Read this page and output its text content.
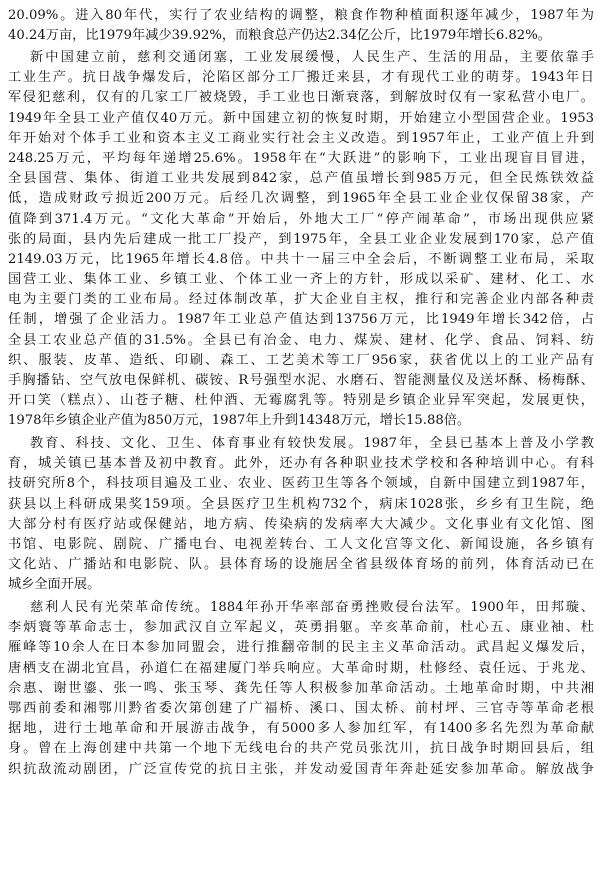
20.09%。进入80年代，实行了农业结构的调整，粮食作物种植面积逐年减少，1987年为
40.24万亩，比1979年减少39.92%，而粮食总产仍达2.34亿公斤，比1979年增长6.82%。
新中国建立前，慈利交通闭塞，工业发展缓慢，人民生产、生活的用品，主要依靠手
工业生产。抗日战争爆发后，沦陷区部分工厂搬迁来县，才有现代工业的萌芽。1943年日
军侵犯慈利，仅有的几家工厂被烧毁，手工业也日渐衰落，到解放时仅有一家私营小电厂。
1949年全县工业产值仅40万元。新中国建立初的恢复时期，开始建立小型国营企业。1953
年开始对个体手工业和资本主义工商业实行社会主义改造。到1957年止，工业产值上升到
248.25万元，平均每年递增25.6%。1958年在“大跃进”的影响下，工业出现盲目冒进，
全县国营、集体、街道工业共发展到842家，总产值虽增长到985万元，但全民炼铁效益
低，造成财政亏损近200万元。后经几次调整，到1965年全县工业企业仅保留38家，产
值降到371.4万元。“文化大革命”开始后，外地大工厂“停产闹革命”，市场出现供应紧
张的局面，县内先后建成一批工厂投产，到1975年，全县工业企业发展到170家，总产值
2149.03万元，比1965年增长4.8倍。中共十一届三中全会后，不断调整工业布局，采取
国营工业、集体工业、乡镇工业、个体工业一齐上的方针，形成以采矿、建材、化工、水
电为主要门类的工业布局。经过体制改革，扩大企业自主权，推行和完善企业内部各种责
任制，增强了企业活力。1987年工业总产值达到13756万元，比1949年增长342倍，占
全县工农业总产值的31.5%。全县已有冶金、电力、煤炭、建材、化学、食品、饲料、纺
织、服装、皮革、造纸、印刷、森工、工艺美术等工厂956家，获省优以上的工业产品有
手胸播钻、空气放电保鲜机、碳铵、R号强型水泥、水磨石、智能测量仪及送坏酥、杨梅酥、
开口笑（糕点）、山苍子糖、杜仲酒、无霉腐乳等。特别是乡镇企业异军突起，发展更快，
1978年乡镇企业产值为850万元，1987年上升到14348万元，增长15.88倍。
教育、科技、文化、卫生、体育事业有较快发展。1987年，全县已基本上普及小学教
育，城关镇已基本普及初中教育。此外，还办有各种职业技术学校和各种培训中心。有科
技研究所8个，科技项目遍及工业、农业、医药卫生等各个领域，自新中国建立到1987年，
获县以上科研成果奖159项。全县医疗卫生机构732个，病床1028张，乡乡有卫生院，绝
大部分村有医疗站或保健站，地方病、传染病的发病率大大减少。文化事业有文化馆、图
书馆、电影院、剧院、广播电台、电视差转台、工人文化宫等文化、新闻设施，各乡镇有
文化站、广播站和电影院、队。县体育场的设施居全省县级体育场的前列，体育活动已在
城乡全面开展。
慈利人民有光荣革命传统。1884年孙开华率部奋勇挫败侵台法军。1900年，田邦璇、
李炳寰等革命志士，参加武汉自立军起义，英勇捐躯。辛亥革命前，杜心五、康业袖、杜
雁峰等10余人在日本参加同盟会，进行推翻帝制的民主主义革命活动。武昌起义爆发后，
唐栖支在湖北宜昌，孙道仁在福建厦门举兵响应。大革命时期，杜修经、袁任远、于兆龙、
佘惠、谢世鎏、张一鸣、张玉琴、龚先任等人积极参加革命活动。土地革命时期，中共湘
鄂西前委和湘鄂川黔省委次第创建了广福桥、溪口、国太桥、前村坪、三官寺等革命老根
据地，进行土地革命和开展游击战争，有5000多人参加红军，有1400多名先烈为革命献
身。曾在上海创建中共第一个地下无线电台的共产党员张沈川，抗日战争时期回县后，组
织抗敌流动剧团，广泛宣传党的抗日主张，并发动爱国青年奔赴延安参加革命。解放战争
